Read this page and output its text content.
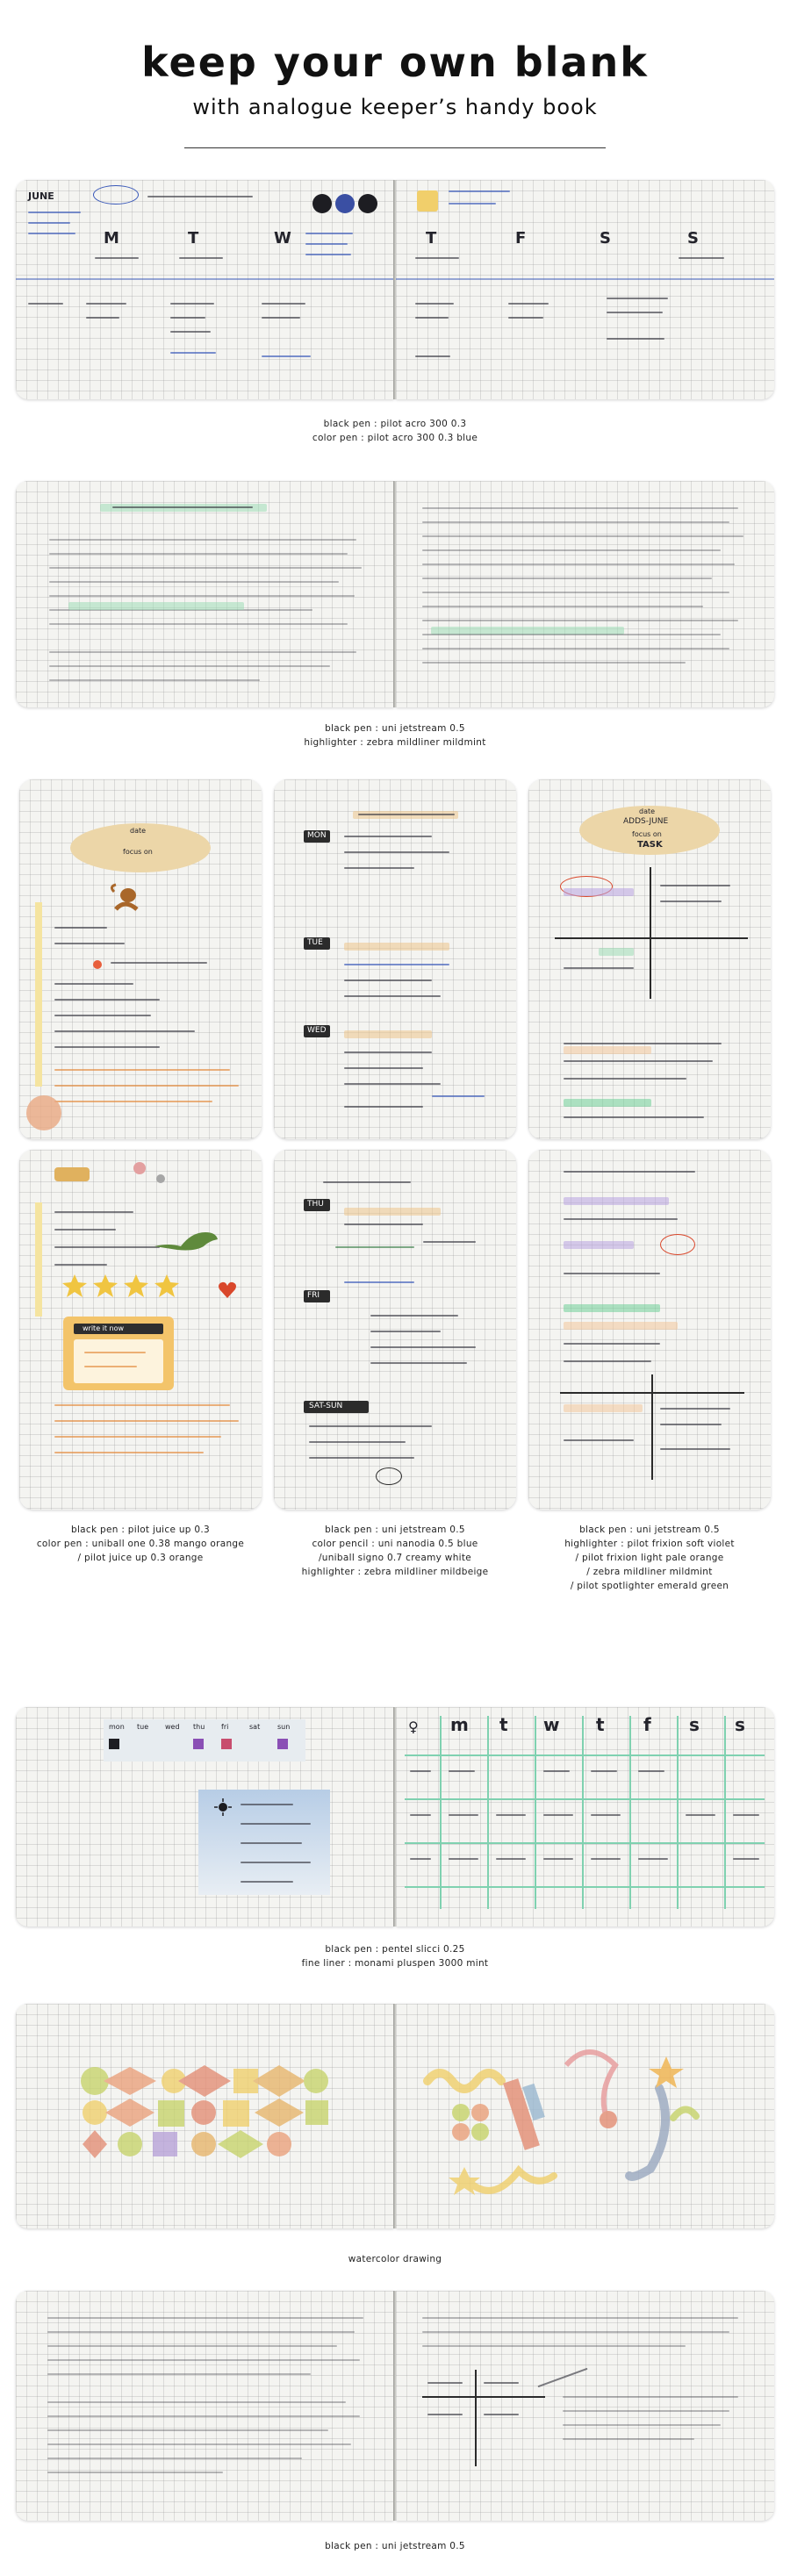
keep your own blank
with analogue keeper’s handy book
JUNE
M	T	W	T	F	S	S
black pen : pilot acro 300 0.3
color pen : pilot acro 300 0.3 blue
black pen : uni jetstream 0.5
highlighter : zebra mildliner mildmint
date
focus on
write it now
MON
TUE
WED
THU
FRI
SAT-SUN
date
ADDS-JUNE
focus on
TASK
black pen : pilot juice up 0.3
color pen : uniball one 0.38 mango orange
/ pilot juice up 0.3 orange
black pen : uni jetstream 0.5
color pencil : uni nanodia 0.5 blue
/uniball signo 0.7 creamy white
highlighter : zebra mildliner mildbeige
black pen : uni jetstream 0.5
highlighter : pilot frixion soft violet
/ pilot frixion light pale orange
/ zebra mildliner mildmint
/ pilot spotlighter emerald green
mon tue wed thu fri	sat sun	♀ m t w t f s s
black pen : pentel slicci 0.25
fine liner : monami pluspen 3000 mint
watercolor drawing
black pen : uni jetstream 0.5
